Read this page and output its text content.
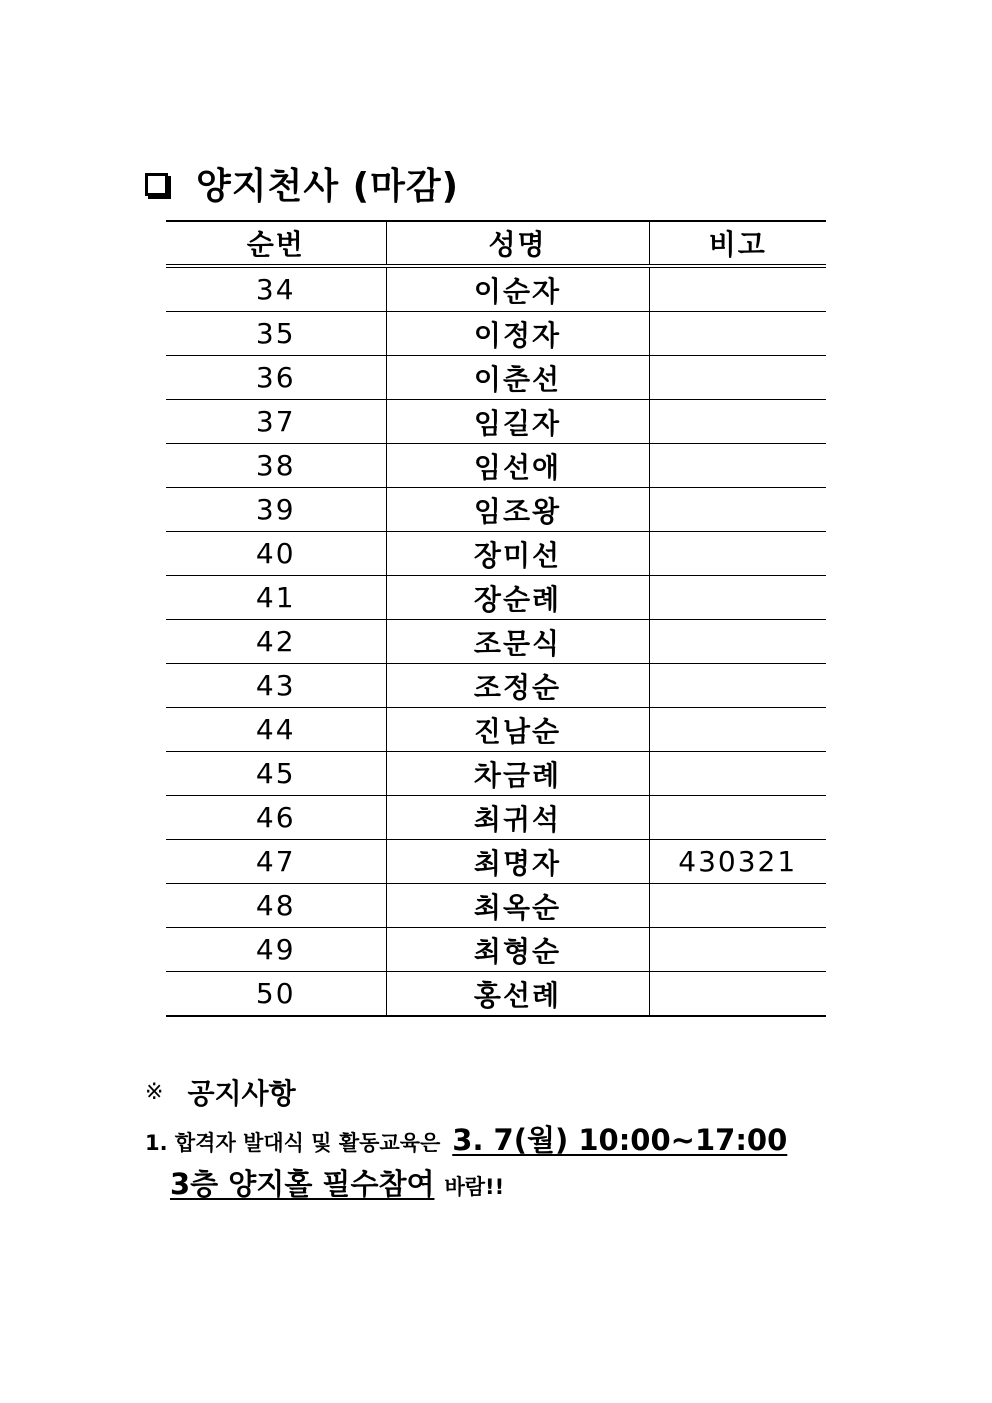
양지천사 (마감)
순번	성명	비고
34	이순자	
35	이정자	
36	이춘선	
37	임길자	
38	임선애	
39	임조왕	
40	장미선	
41	장순례	
42	조문식	
43	조정순	
44	진남순	
45	차금례	
46	최귀석	
47	최명자	430321
48	최옥순	
49	최형순	
50	홍선례	
※ 공지사항
1. 합격자 발대식 및 활동교육은 3. 7(월) 10:00~17:00
3층 양지홀 필수참여 바람!!
